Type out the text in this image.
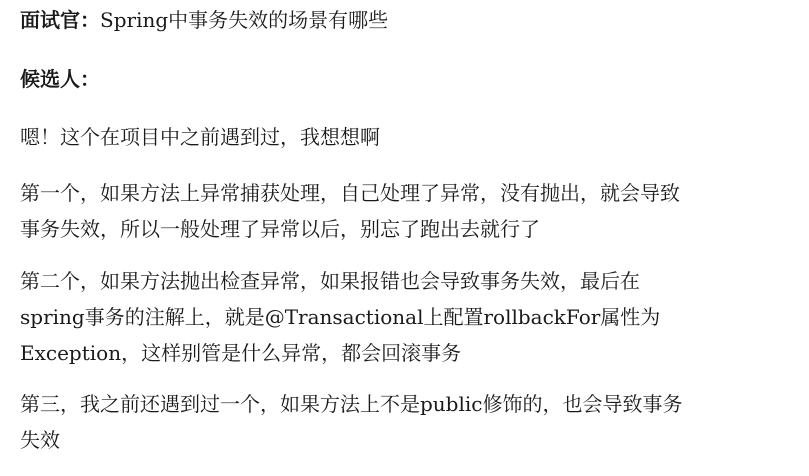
面试官：Spring中事务失效的场景有哪些
候选人：
嗯！这个在项目中之前遇到过，我想想啊
第一个，如果方法上异常捕获处理，自己处理了异常，没有抛出，就会导致
事务失效，所以一般处理了异常以后，别忘了跑出去就行了
第二个，如果方法抛出检查异常，如果报错也会导致事务失效，最后在
spring事务的注解上，就是@Transactional上配置rollbackFor属性为
Exception，这样别管是什么异常，都会回滚事务
第三，我之前还遇到过一个，如果方法上不是public修饰的，也会导致事务
失效
